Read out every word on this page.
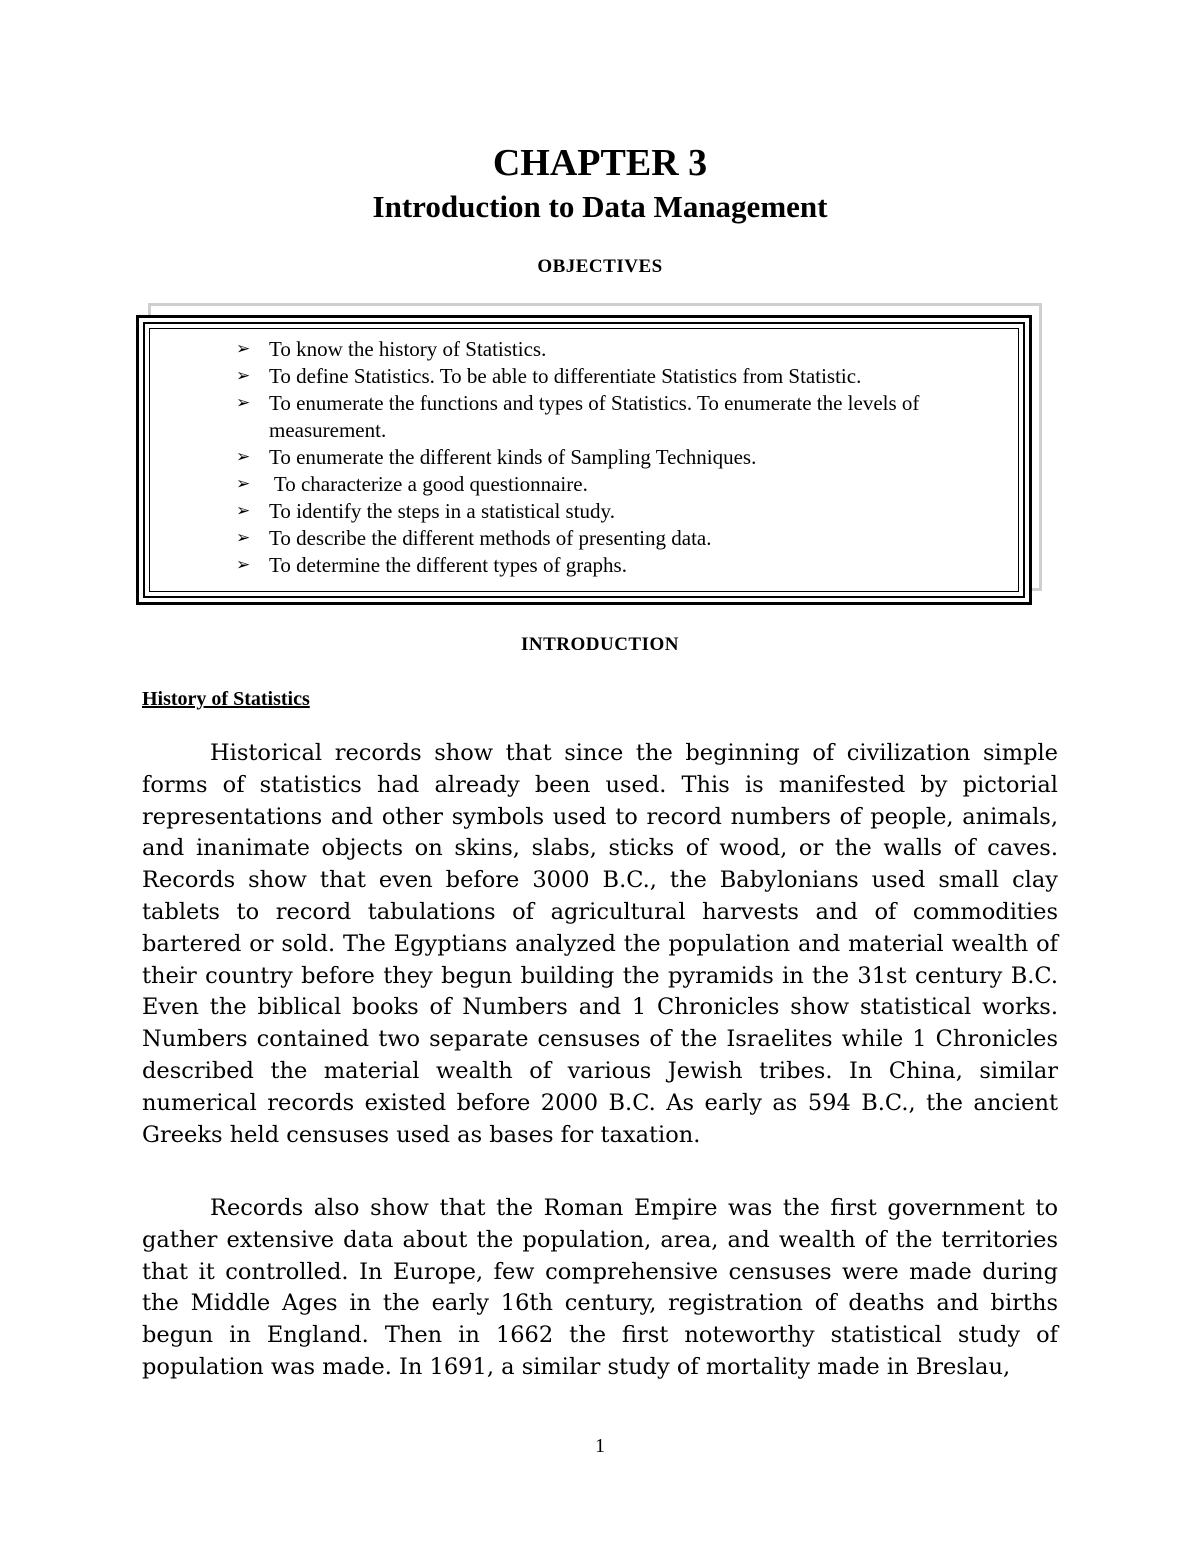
CHAPTER 3
Introduction to Data Management
OBJECTIVES
➢ To know the history of Statistics.
➢ To define Statistics. To be able to differentiate Statistics from Statistic.
➢ To enumerate the functions and types of Statistics. To enumerate the levels of measurement.
➢ To enumerate the different kinds of Sampling Techniques.
➢ To characterize a good questionnaire.
➢ To identify the steps in a statistical study.
➢ To describe the different methods of presenting data.
➢ To determine the different types of graphs.
INTRODUCTION
History of Statistics

Historical records show that since the beginning of civilization simple forms of statistics had already been used. This is manifested by pictorial representations and other symbols used to record numbers of people, animals, and inanimate objects on skins, slabs, sticks of wood, or the walls of caves. Records show that even before 3000 B.C., the Babylonians used small clay tablets to record tabulations of agricultural harvests and of commodities bartered or sold. The Egyptians analyzed the population and material wealth of their country before they begun building the pyramids in the 31st century B.C. Even the biblical books of Numbers and 1 Chronicles show statistical works. Numbers contained two separate censuses of the Israelites while 1 Chronicles described the material wealth of various Jewish tribes. In China, similar numerical records existed before 2000 B.C. As early as 594 B.C., the ancient Greeks held censuses used as bases for taxation.

Records also show that the Roman Empire was the first government to gather extensive data about the population, area, and wealth of the territories that it controlled. In Europe, few comprehensive censuses were made during the Middle Ages in the early 16th century, registration of deaths and births begun in England. Then in 1662 the first noteworthy statistical study of population was made. In 1691, a similar study of mortality made in Breslau,

1
